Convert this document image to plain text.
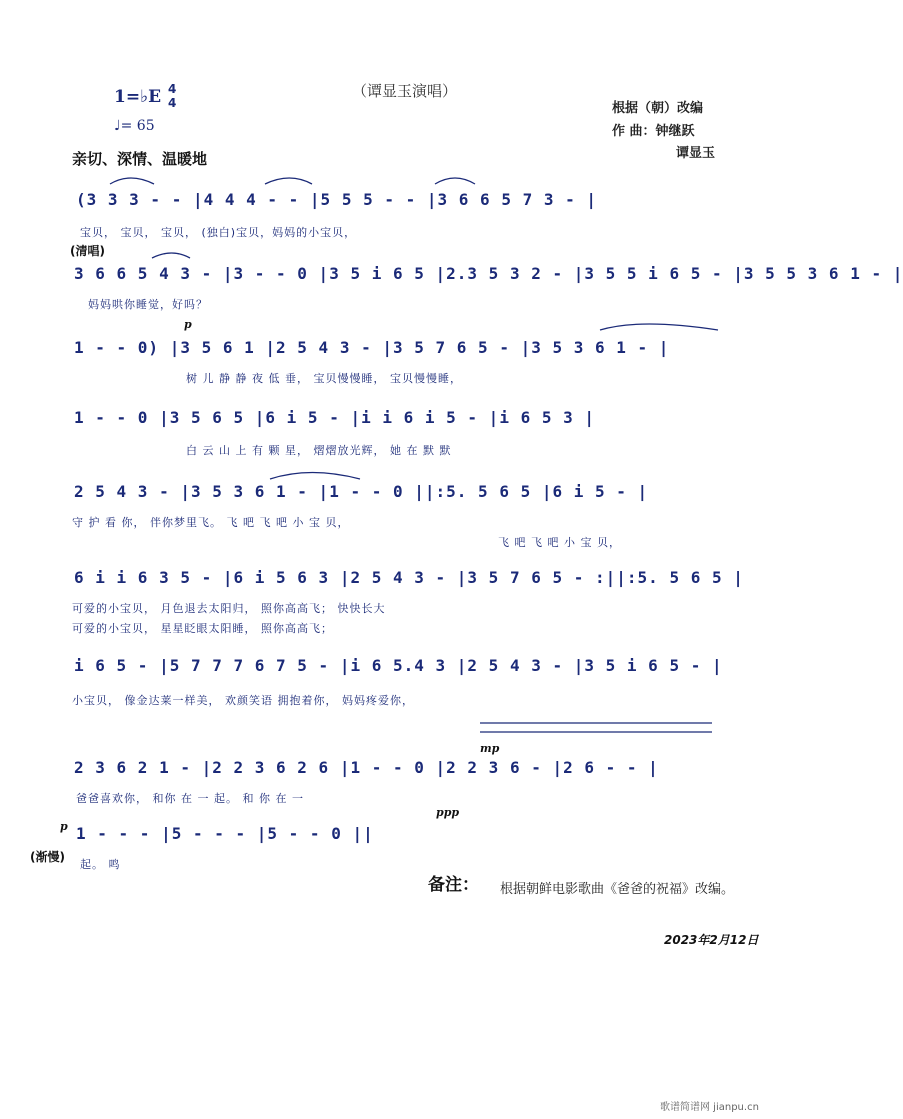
1=♭E 4
4
♩= 65
（谭显玉演唱）
根据（朝）改编
作 曲：钟继跃
谭显玉
亲切、深情、温暖地
(清唱)
(3 3 3 - - |4 4 4 - - |5 5 5 - - |3 6 6 5 7 3 - |
宝贝， 宝贝， 宝贝， (独白)宝贝，妈妈的小宝贝，
3 6 6 5 4 3 - |3 - - 0 |3 5 i 6 5 |2.3 5 3 2 - |3 5 5 i 6 5 - |3 5 5 3 6 1 - |
妈妈哄你睡觉，好吗？
p
1 - - 0) |3 5 6 1 |2 5 4 3 - |3 5 7 6 5 - |3 5 3 6 1 - |
树 儿 静 静 夜 低 垂， 宝贝慢慢睡， 宝贝慢慢睡，
1 - - 0 |3 5 6 5 |6 i 5 - |i i 6 i 5 - |i 6 5 3 |
白 云 山 上 有 颗 星， 熠熠放光辉， 她 在 默 默
2 5 4 3 - |3 5 3 6 1 - |1 - - 0 ||:5. 5 6 5 |6 i 5 - |
守 护 看 你， 伴你梦里飞。 飞 吧 飞 吧 小 宝 贝，
飞 吧 飞 吧 小 宝 贝，
6 i i 6 3 5 - |6 i 5 6 3 |2 5 4 3 - |3 5 7 6 5 - :||:5. 5 6 5 |
可爱的小宝贝， 月色退去太阳归， 照你高高飞； 快快长大
可爱的小宝贝， 星星眨眼太阳睡， 照你高高飞；
i 6 5 - |5 7 7 7 6 7 5 - |i 6 5.4 3 |2 5 4 3 - |3 5 i 6 5 - |
小宝贝， 像金达莱一样美， 欢颜笑语 拥抱着你， 妈妈疼爱你，
mp
2 3 6 2 1 - |2 2 3 6 2 6 |1 - - 0 |2 2 3 6 - |2 6 - - |
爸爸喜欢你， 和你 在 一 起。 和 你 在 一
p
ppp
1 - - - |5 - - - |5 - - 0 ||
(渐慢)
起。 鸣
备注： 根据朝鲜电影歌曲《爸爸的祝福》改编。
2023年2月12日
歌谱简谱网 jianpu.cn
